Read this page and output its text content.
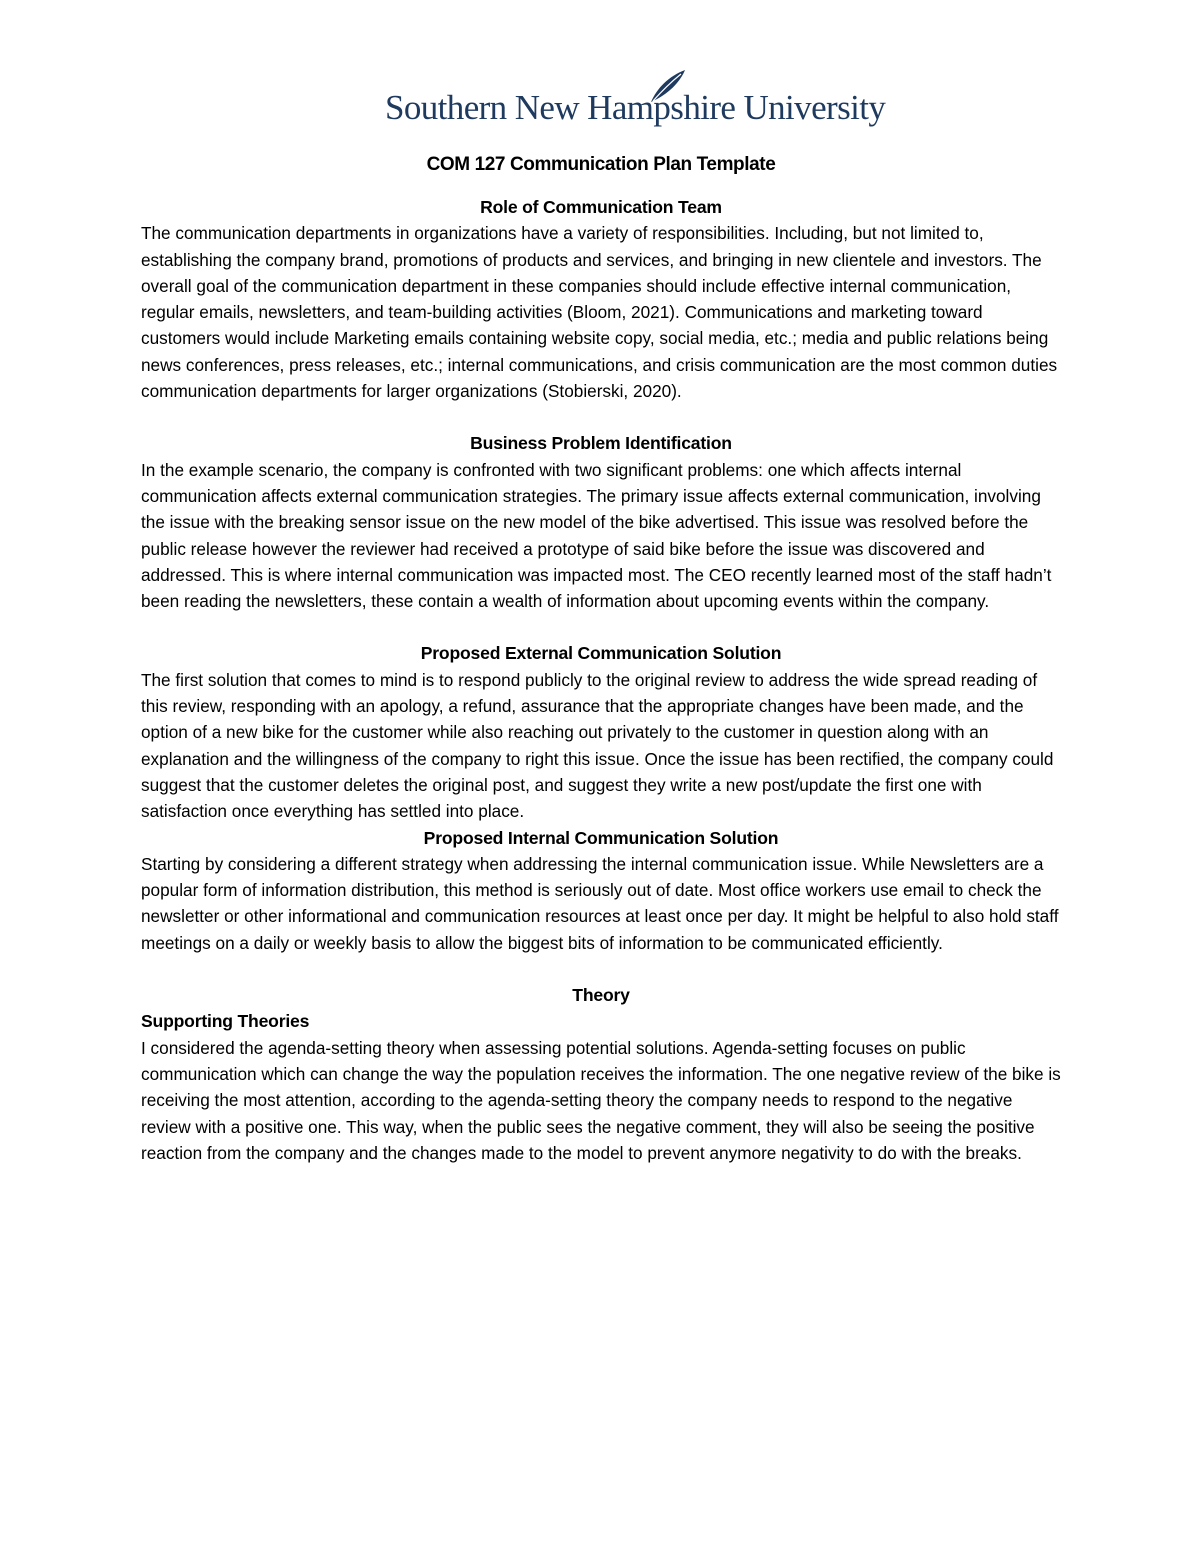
Southern New Hampshire University
COM 127 Communication Plan Template
Role of Communication Team

The communication departments in organizations have a variety of responsibilities. Including, but not limited to, establishing the company brand, promotions of products and services, and bringing in new clientele and investors. The overall goal of the communication department in these companies should include effective internal communication, regular emails, newsletters, and team-building activities (Bloom, 2021). Communications and marketing toward customers would include Marketing emails containing website copy, social media, etc.; media and public relations being news conferences, press releases, etc.; internal communications, and crisis communication are the most common duties communication departments for larger organizations (Stobierski, 2020).

Business Problem Identification

In the example scenario, the company is confronted with two significant problems: one which affects internal communication affects external communication strategies. The primary issue affects external communication, involving the issue with the breaking sensor issue on the new model of the bike advertised. This issue was resolved before the public release however the reviewer had received a prototype of said bike before the issue was discovered and addressed. This is where internal communication was impacted most. The CEO recently learned most of the staff hadn’t been reading the newsletters, these contain a wealth of information about upcoming events within the company.

Proposed External Communication Solution

The first solution that comes to mind is to respond publicly to the original review to address the wide spread reading of this review, responding with an apology, a refund, assurance that the appropriate changes have been made, and the option of a new bike for the customer while also reaching out privately to the customer in question along with an explanation and the willingness of the company to right this issue. Once the issue has been rectified, the company could suggest that the customer deletes the original post, and suggest they write a new post/update the first one with satisfaction once everything has settled into place.

Proposed Internal Communication Solution

Starting by considering a different strategy when addressing the internal communication issue. While Newsletters are a popular form of information distribution, this method is seriously out of date. Most office workers use email to check the newsletter or other informational and communication resources at least once per day. It might be helpful to also hold staff meetings on a daily or weekly basis to allow the biggest bits of information to be communicated efficiently.

Theory
Supporting Theories

I considered the agenda-setting theory when assessing potential solutions. Agenda-setting focuses on public communication which can change the way the population receives the information. The one negative review of the bike is receiving the most attention, according to the agenda-setting theory the company needs to respond to the negative review with a positive one. This way, when the public sees the negative comment, they will also be seeing the positive reaction from the company and the changes made to the model to prevent anymore negativity to do with the breaks.
